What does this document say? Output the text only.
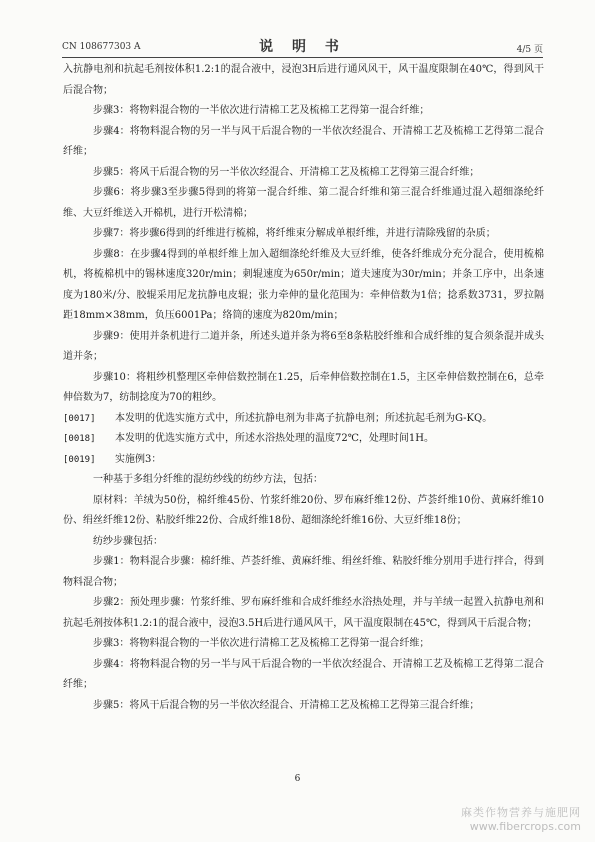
CN 108677303 A	说 明 书	4/5 页

入抗静电剂和抗起毛剂按体积1.2:1的混合液中，浸泡3H后进行通风风干，风干温度限制在40℃，得到风干后混合物；

步骤3：将物料混合物的一半依次进行清棉工艺及梳棉工艺得第一混合纤维；

步骤4：将物料混合物的另一半与风干后混合物的一半依次经混合、开清棉工艺及梳棉工艺得第二混合纤维；

步骤5：将风干后混合物的另一半依次经混合、开清棉工艺及梳棉工艺得第三混合纤维；

步骤6：将步骤3至步骤5得到的将第一混合纤维、第二混合纤维和第三混合纤维通过混入超细涤纶纤维、大豆纤维送入开棉机，进行开松清棉；

步骤7：将步骤6得到的纤维进行梳棉，将纤维束分解成单根纤维，并进行清除残留的杂质；

步骤8：在步骤4得到的单根纤维上加入超细涤纶纤维及大豆纤维，使各纤维成分充分混合，使用梳棉机，将梳棉机中的锡林速度320r/min；刺辊速度为650r/min；道夫速度为30r/min；并条工序中，出条速度为180米/分、胶辊采用尼龙抗静电皮辊；张力牵伸的量化范围为：牵伸倍数为1倍；捻系数3731，罗拉隔距18mm×38mm，负压6001Pa；络筒的速度为820m/min；

步骤9：使用并条机进行二道并条，所述头道并条为将6至8条粘胶纤维和合成纤维的复合须条混并成头道并条；

步骤10：将粗纱机整理区牵伸倍数控制在1.25，后牵伸倍数控制在1.5，主区牵伸倍数控制在6，总牵伸倍数为7，纺制捻度为70的粗纱。

[0017] 本发明的优选实施方式中，所述抗静电剂为非离子抗静电剂；所述抗起毛剂为G-KQ。

[0018] 本发明的优选实施方式中，所述水浴热处理的温度72℃，处理时间1H。

[0019] 实施例3：

一种基于多组分纤维的混纺纱线的纺纱方法，包括：

原材料：羊绒为50份，棉纤维45份、竹浆纤维20份、罗布麻纤维12份、芦荟纤维10份、黄麻纤维10份、绢丝纤维12份、粘胶纤维22份、合成纤维18份、超细涤纶纤维16份、大豆纤维18份；

纺纱步骤包括：

步骤1：物料混合步骤：棉纤维、芦荟纤维、黄麻纤维、绢丝纤维、粘胶纤维分别用手进行拌合，得到物料混合物；

步骤2：预处理步骤：竹浆纤维、罗布麻纤维和合成纤维经水浴热处理，并与羊绒一起置入抗静电剂和抗起毛剂按体积1.2:1的混合液中，浸泡3.5H后进行通风风干，风干温度限制在45℃，得到风干后混合物；

步骤3：将物料混合物的一半依次进行清棉工艺及梳棉工艺得第一混合纤维；

步骤4：将物料混合物的另一半与风干后混合物的一半依次经混合、开清棉工艺及梳棉工艺得第二混合纤维；

步骤5：将风干后混合物的另一半依次经混合、开清棉工艺及梳棉工艺得第三混合纤维；

6
麻类作物营养与施肥网
www.fibercrops.com
